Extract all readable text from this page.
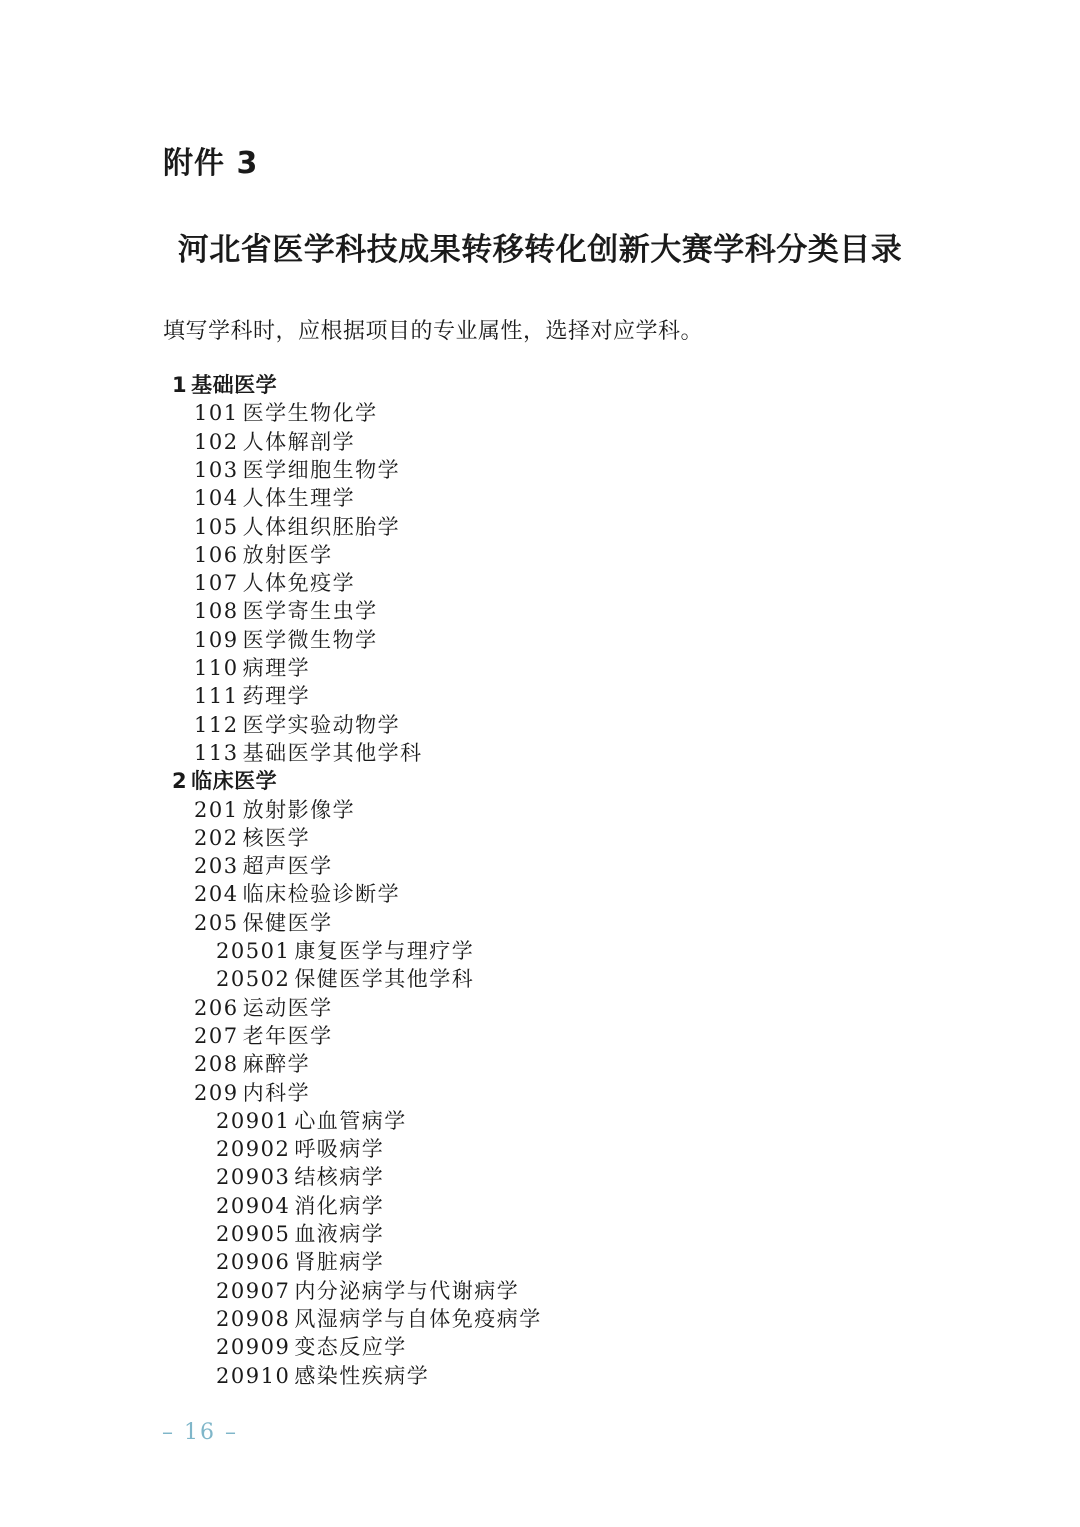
附件 3
河北省医学科技成果转移转化创新大赛学科分类目录
填写学科时，应根据项目的专业属性，选择对应学科。
1 基础医学
101 医学生物化学
102 人体解剖学
103 医学细胞生物学
104 人体生理学
105 人体组织胚胎学
106 放射医学
107 人体免疫学
108 医学寄生虫学
109 医学微生物学
110 病理学
111 药理学
112 医学实验动物学
113 基础医学其他学科
2 临床医学
201 放射影像学
202 核医学
203 超声医学
204 临床检验诊断学
205 保健医学
20501 康复医学与理疗学
20502 保健医学其他学科
206 运动医学
207 老年医学
208 麻醉学
209 内科学
20901 心血管病学
20902 呼吸病学
20903 结核病学
20904 消化病学
20905 血液病学
20906 肾脏病学
20907 内分泌病学与代谢病学
20908 风湿病学与自体免疫病学
20909 变态反应学
20910 感染性疾病学
– 16 –
